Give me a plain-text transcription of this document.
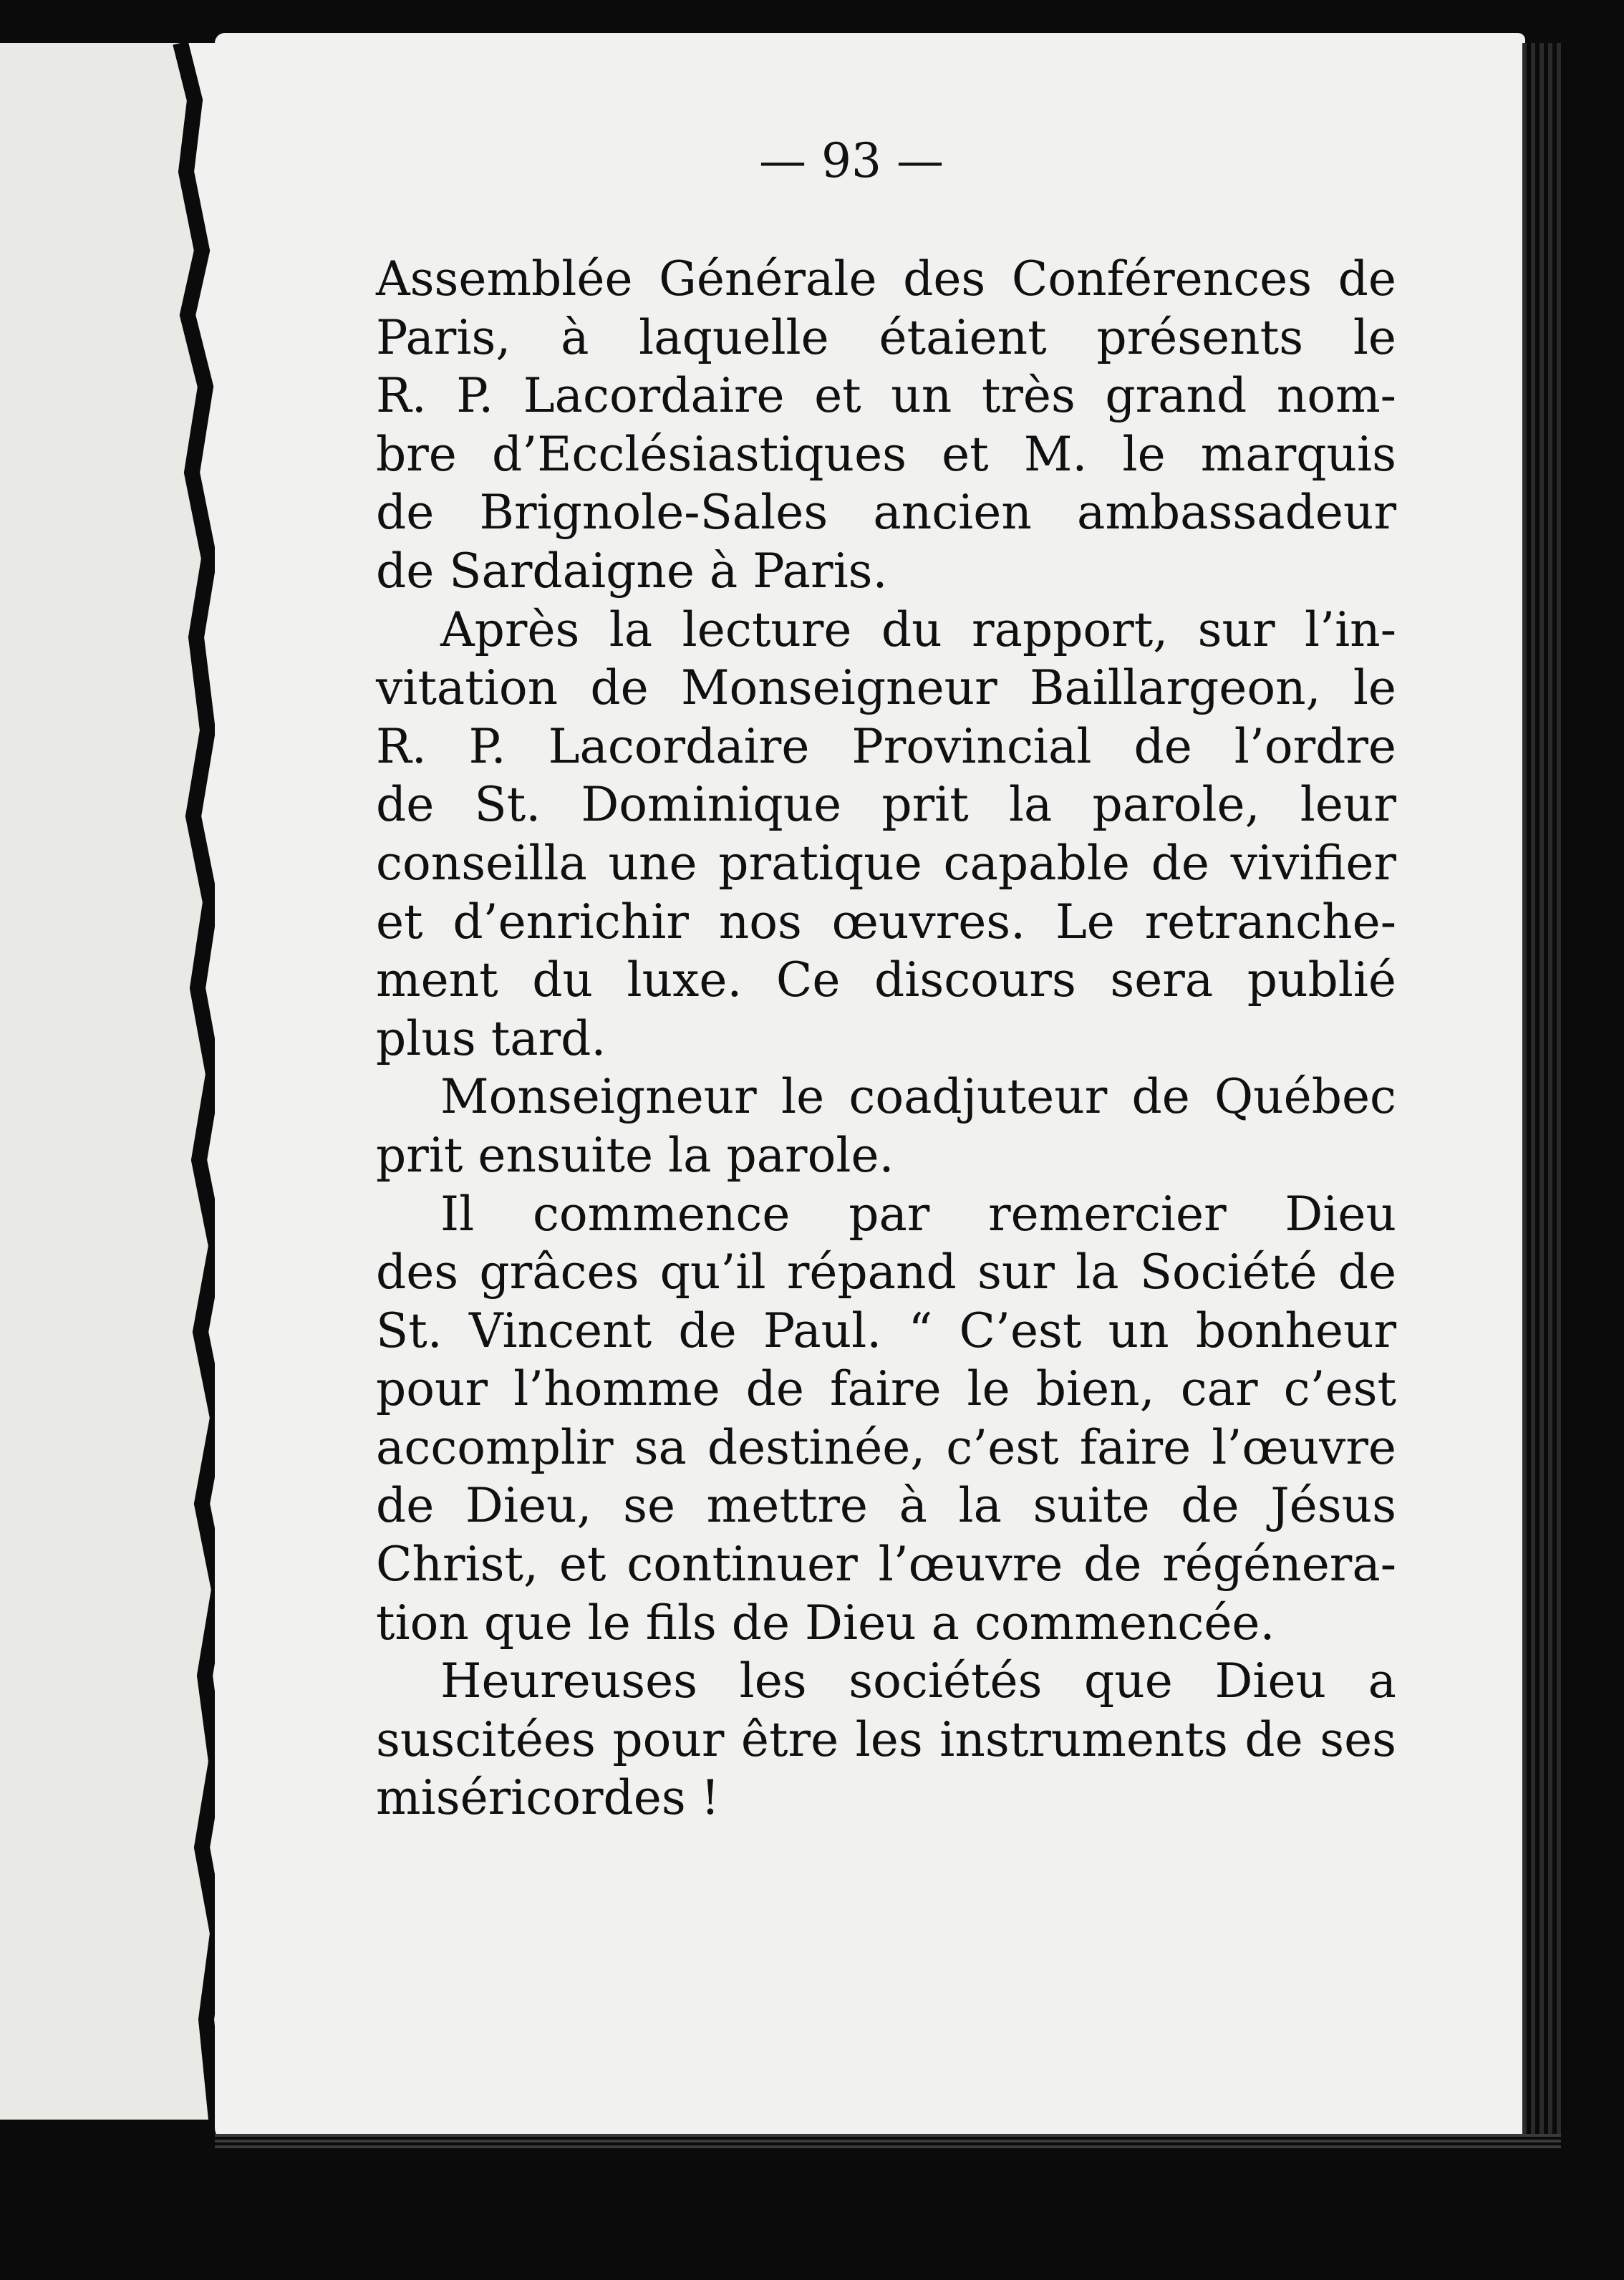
— 93 —
Assemblée Générale des Conférences de
Paris, à laquelle étaient présents le
R. P. Lacordaire et un très grand nom-
bre d’Ecclésiastiques et M. le marquis
de Brignole-Sales ancien ambassadeur
de Sardaigne à Paris.
Après la lecture du rapport, sur l’in-
vitation de Monseigneur Baillargeon, le
R. P. Lacordaire Provincial de l’ordre
de St. Dominique prit la parole, leur
conseilla une pratique capable de vivifier
et d’enrichir nos œuvres. Le retranche-
ment du luxe. Ce discours sera publié
plus tard.
Monseigneur le coadjuteur de Québec
prit ensuite la parole.
Il commence par remercier Dieu
des grâces qu’il répand sur la Société de
St. Vincent de Paul. “ C’est un bonheur
pour l’homme de faire le bien, car c’est
accomplir sa destinée, c’est faire l’œuvre
de Dieu, se mettre à la suite de Jésus
Christ, et continuer l’œuvre de régénera-
tion que le fils de Dieu a commencée.
Heureuses les sociétés que Dieu a
suscitées pour être les instruments de ses
miséricordes !
